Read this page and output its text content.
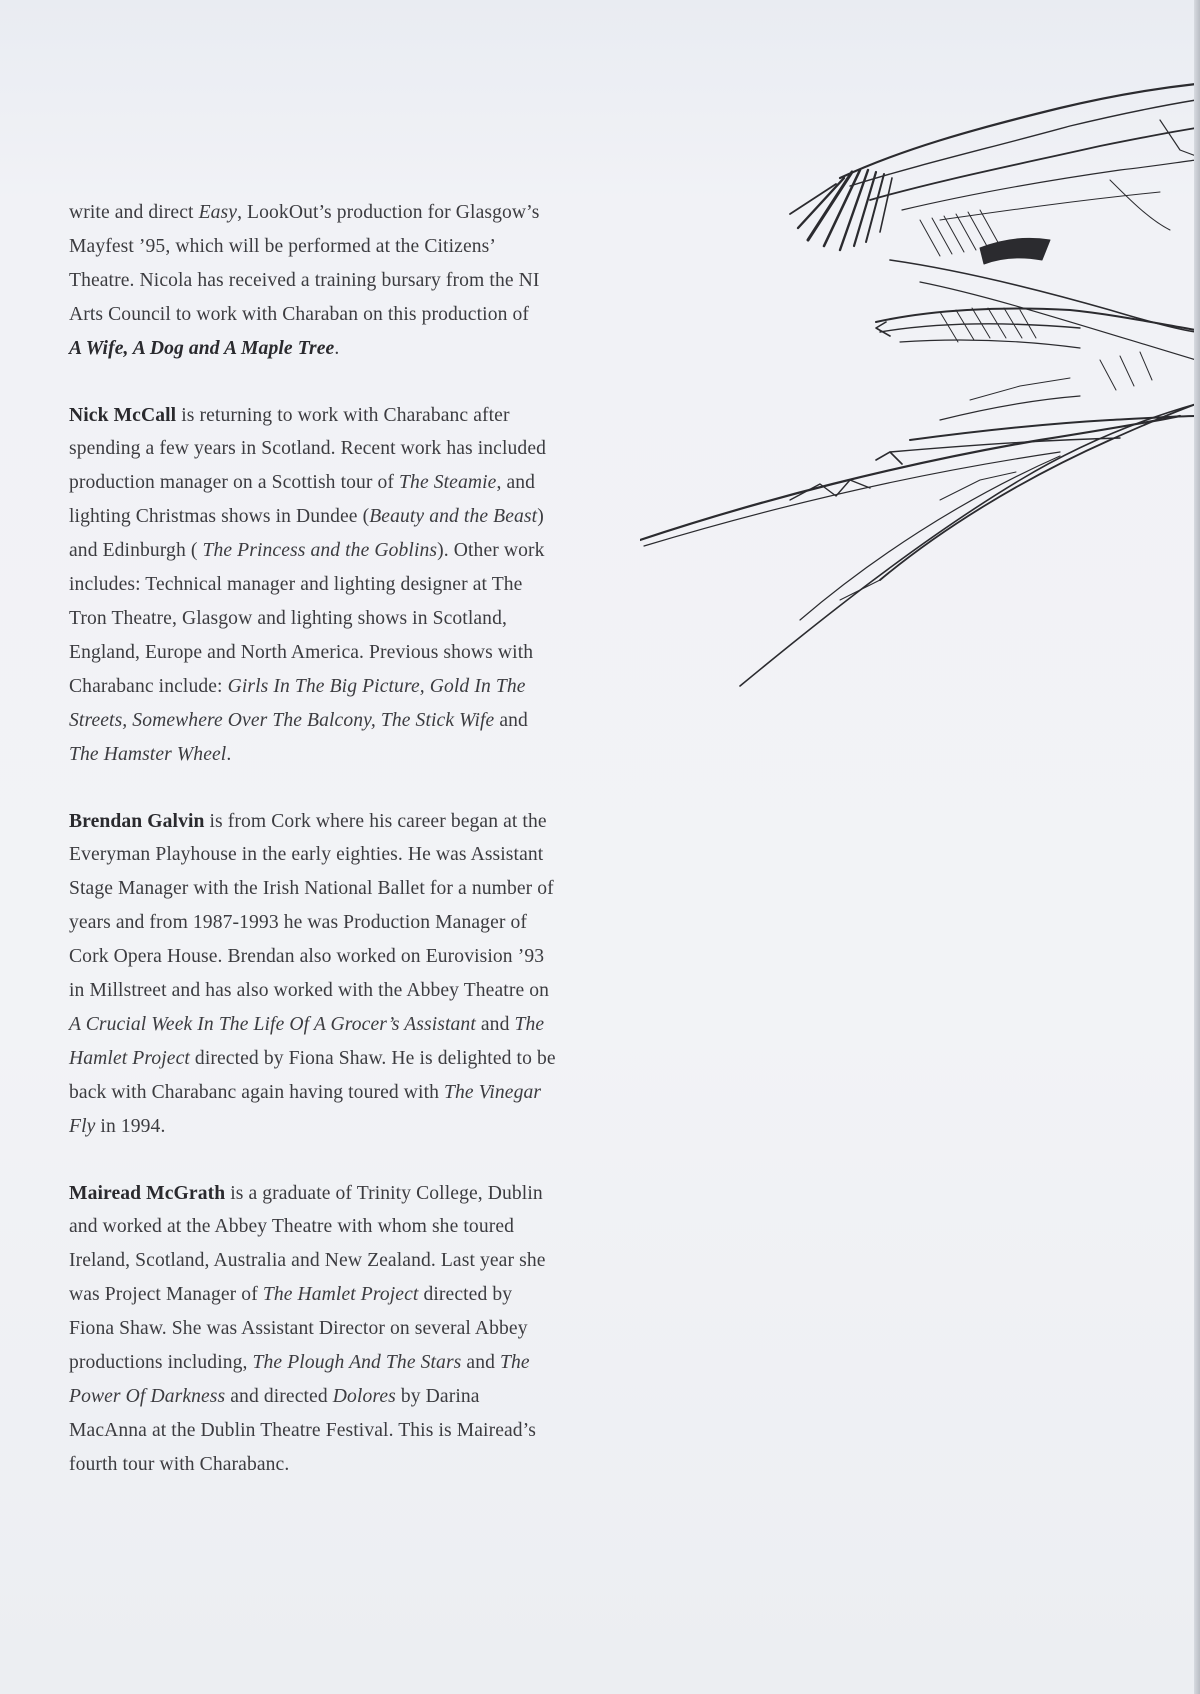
write and direct Easy, LookOut’s production for Glasgow’s
Mayfest ’95, which will be performed at the Citizens’
Theatre. Nicola has received a training bursary from the NI
Arts Council to work with Charaban on this production of
A Wife, A Dog and A Maple Tree.

Nick McCall is returning to work with Charabanc after
spending a few years in Scotland. Recent work has included
production manager on a Scottish tour of The Steamie, and
lighting Christmas shows in Dundee (Beauty and the Beast)
and Edinburgh ( The Princess and the Goblins). Other work
includes: Technical manager and lighting designer at The
Tron Theatre, Glasgow and lighting shows in Scotland,
England, Europe and North America. Previous shows with
Charabanc include: Girls In The Big Picture, Gold In The
Streets, Somewhere Over The Balcony, The Stick Wife and
The Hamster Wheel.

Brendan Galvin is from Cork where his career began at the
Everyman Playhouse in the early eighties. He was Assistant
Stage Manager with the Irish National Ballet for a number of
years and from 1987-1993 he was Production Manager of
Cork Opera House. Brendan also worked on Eurovision ’93
in Millstreet and has also worked with the Abbey Theatre on
A Crucial Week In The Life Of A Grocer’s Assistant and The
Hamlet Project directed by Fiona Shaw. He is delighted to be
back with Charabanc again having toured with The Vinegar
Fly in 1994.

Mairead McGrath is a graduate of Trinity College, Dublin
and worked at the Abbey Theatre with whom she toured
Ireland, Scotland, Australia and New Zealand. Last year she
was Project Manager of The Hamlet Project directed by
Fiona Shaw. She was Assistant Director on several Abbey
productions including, The Plough And The Stars and The
Power Of Darkness and directed Dolores by Darina
MacAnna at the Dublin Theatre Festival. This is Mairead’s
fourth tour with Charabanc.
